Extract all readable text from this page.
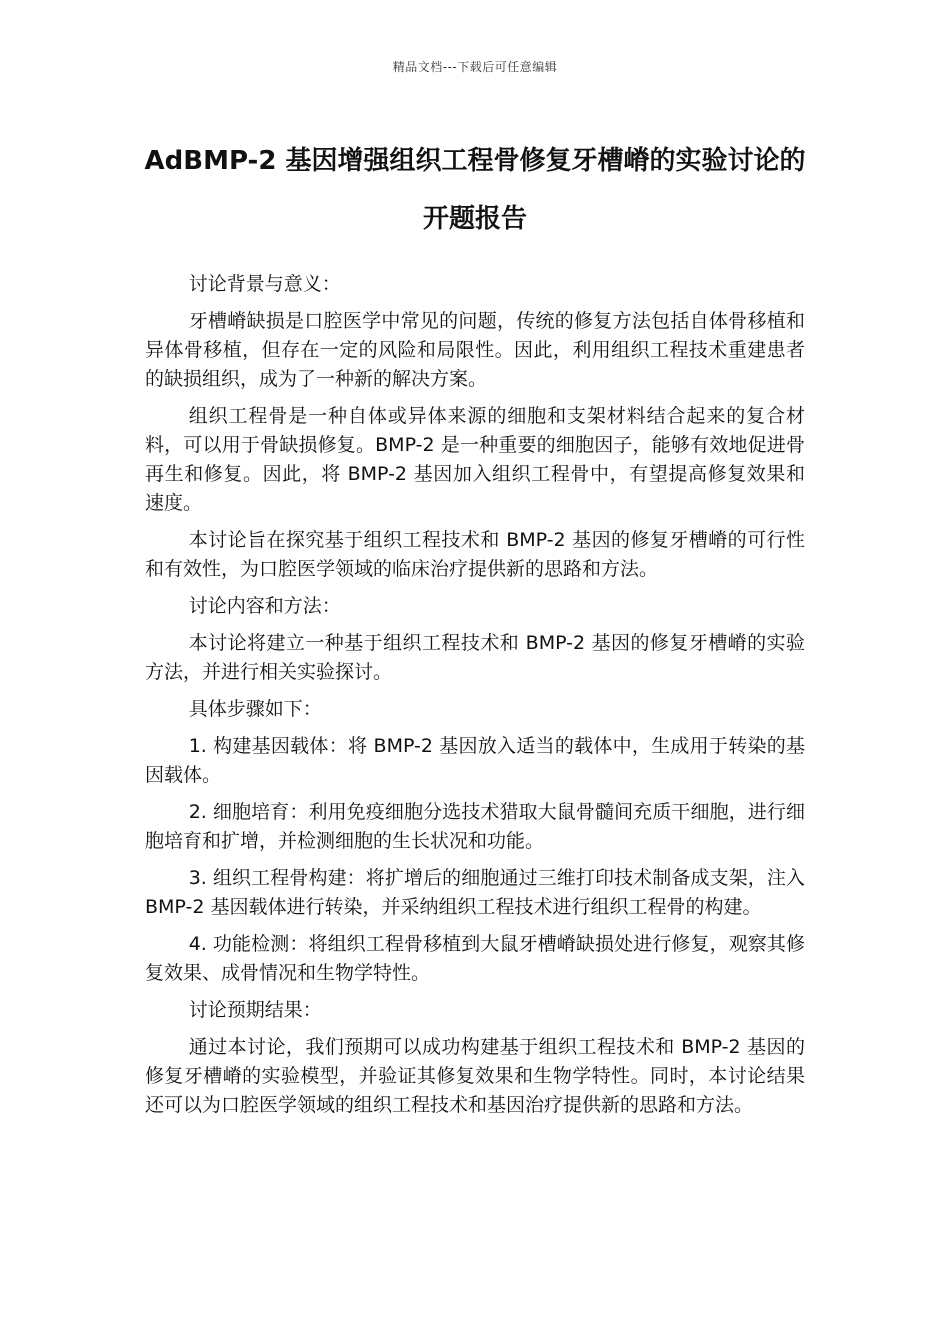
精品文档---下载后可任意编辑
AdBMP-2 基因增强组织工程骨修复牙槽嵴的实验讨论的开题报告

讨论背景与意义：

牙槽嵴缺损是口腔医学中常见的问题，传统的修复方法包括自体骨移植和异体骨移植，但存在一定的风险和局限性。因此，利用组织工程技术重建患者的缺损组织，成为了一种新的解决方案。

组织工程骨是一种自体或异体来源的细胞和支架材料结合起来的复合材料，可以用于骨缺损修复。BMP-2 是一种重要的细胞因子，能够有效地促进骨再生和修复。因此，将 BMP-2 基因加入组织工程骨中，有望提高修复效果和速度。

本讨论旨在探究基于组织工程技术和 BMP-2 基因的修复牙槽嵴的可行性和有效性，为口腔医学领域的临床治疗提供新的思路和方法。

讨论内容和方法：

本讨论将建立一种基于组织工程技术和 BMP-2 基因的修复牙槽嵴的实验方法，并进行相关实验探讨。

具体步骤如下：

1. 构建基因载体：将 BMP-2 基因放入适当的载体中，生成用于转染的基因载体。

2. 细胞培育：利用免疫细胞分选技术猎取大鼠骨髓间充质干细胞，进行细胞培育和扩增，并检测细胞的生长状况和功能。

3. 组织工程骨构建：将扩增后的细胞通过三维打印技术制备成支架，注入 BMP-2 基因载体进行转染，并采纳组织工程技术进行组织工程骨的构建。

4. 功能检测：将组织工程骨移植到大鼠牙槽嵴缺损处进行修复，观察其修复效果、成骨情况和生物学特性。

讨论预期结果：

通过本讨论，我们预期可以成功构建基于组织工程技术和 BMP-2 基因的修复牙槽嵴的实验模型，并验证其修复效果和生物学特性。同时，本讨论结果还可以为口腔医学领域的组织工程技术和基因治疗提供新的思路和方法。
